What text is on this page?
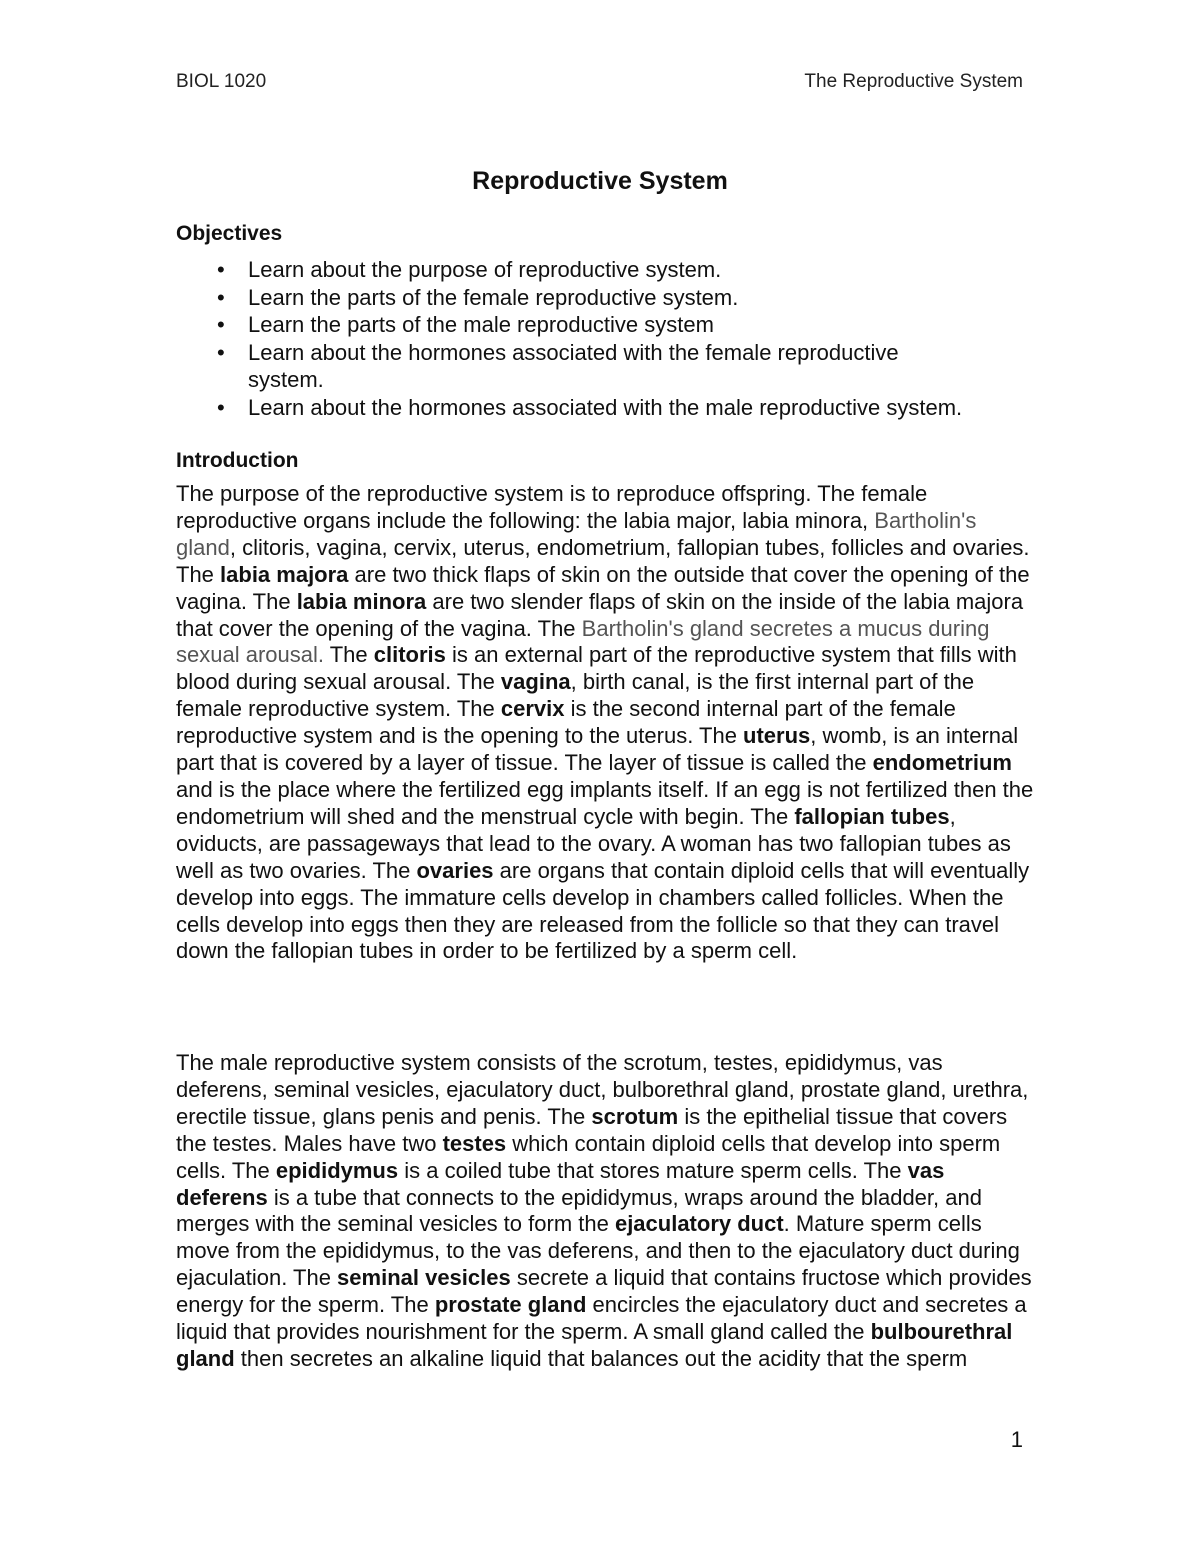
BIOL 1020	The Reproductive System
Reproductive System
Objectives
• Learn about the purpose of reproductive system.
• Learn the parts of the female reproductive system.
• Learn the parts of the male reproductive system
• Learn about the hormones associated with the female reproductive system.
• Learn about the hormones associated with the male reproductive system.
Introduction

The purpose of the reproductive system is to reproduce offspring. The female reproductive organs include the following: the labia major, labia minora, Bartholin's gland, clitoris, vagina, cervix, uterus, endometrium, fallopian tubes, follicles and ovaries. The labia majora are two thick flaps of skin on the outside that cover the opening of the vagina. The labia minora are two slender flaps of skin on the inside of the labia majora that cover the opening of the vagina. The Bartholin's gland secretes a mucus during sexual arousal. The clitoris is an external part of the reproductive system that fills with blood during sexual arousal. The vagina, birth canal, is the first internal part of the female reproductive system. The cervix is the second internal part of the female reproductive system and is the opening to the uterus. The uterus, womb, is an internal part that is covered by a layer of tissue. The layer of tissue is called the endometrium and is the place where the fertilized egg implants itself. If an egg is not fertilized then the endometrium will shed and the menstrual cycle with begin. The fallopian tubes, oviducts, are passageways that lead to the ovary. A woman has two fallopian tubes as well as two ovaries. The ovaries are organs that contain diploid cells that will eventually develop into eggs. The immature cells develop in chambers called follicles. When the cells develop into eggs then they are released from the follicle so that they can travel down the fallopian tubes in order to be fertilized by a sperm cell.

The male reproductive system consists of the scrotum, testes, epididymus, vas deferens, seminal vesicles, ejaculatory duct, bulborethral gland, prostate gland, urethra, erectile tissue, glans penis and penis. The scrotum is the epithelial tissue that covers the testes. Males have two testes which contain diploid cells that develop into sperm cells. The epididymus is a coiled tube that stores mature sperm cells. The vas deferens is a tube that connects to the epididymus, wraps around the bladder, and merges with the seminal vesicles to form the ejaculatory duct. Mature sperm cells move from the epididymus, to the vas deferens, and then to the ejaculatory duct during ejaculation. The seminal vesicles secrete a liquid that contains fructose which provides energy for the sperm. The prostate gland encircles the ejaculatory duct and secretes a liquid that provides nourishment for the sperm. A small gland called the bulbourethral gland then secretes an alkaline liquid that balances out the acidity that the sperm

1
